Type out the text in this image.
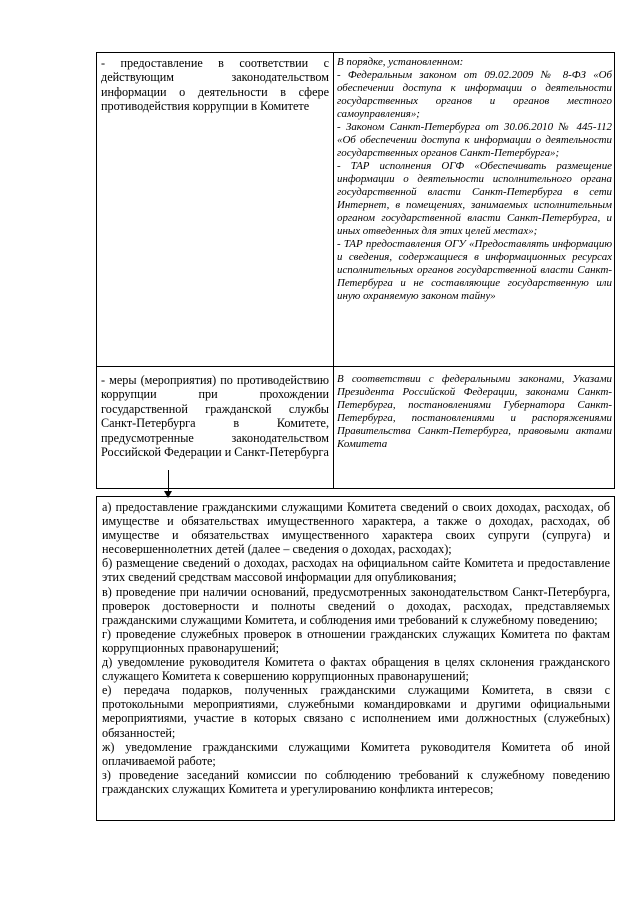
- предоставление в соответствии с действующим законодательством информации о деятельности в сфере противодействия коррупции в Комитете

В порядке, установленном:

- Федеральным законом от 09.02.2009 № 8-ФЗ «Об обеспечении доступа к информации о деятельности государственных органов и органов местного самоуправления»;

- Законом Санкт-Петербурга от 30.06.2010 № 445-112 «Об обеспечении доступа к информации о деятельности государственных органов Санкт-Петербурга»;

- ТАР исполнения ОГФ «Обеспечивать размещение информации о деятельности исполнительного органа государственной власти Санкт-Петербурга в сети Интернет, в помещениях, занимаемых исполнительным органом государственной власти Санкт-Петербурга, и иных отведенных для этих целей местах»;

- ТАР предоставления ОГУ «Предоставлять информацию и сведения, содержащиеся в информационных ресурсах исполнительных органов государственной власти Санкт-Петербурга и не составляющие государственную или иную охраняемую законом тайну»

- меры (мероприятия) по противодействию коррупции при прохождении государственной гражданской службы Санкт-Петербурга в Комитете, предусмотренные законодательством Российской Федерации и Санкт-Петербурга
В соответствии с федеральными законами, Указами Президента Российской Федерации, законами Санкт-Петербурга, постановлениями Губернатора Санкт-Петербурга, постановлениями и распоряжениями Правительства Санкт-Петербурга, правовыми актами Комитета

а) предоставление гражданскими служащими Комитета сведений о своих доходах, расходах, об имуществе и обязательствах имущественного характера, а также о доходах, расходах, об имуществе и обязательствах имущественного характера своих супруги (супруга) и несовершеннолетних детей (далее – сведения о доходах, расходах);

б) размещение сведений о доходах, расходах на официальном сайте Комитета и предоставление этих сведений средствам массовой информации для опубликования;

в) проведение при наличии оснований, предусмотренных законодательством Санкт-Петербурга, проверок достоверности и полноты сведений о доходах, расходах, представляемых гражданскими служащими Комитета, и соблюдения ими требований к служебному поведению;

г) проведение служебных проверок в отношении гражданских служащих Комитета по фактам коррупционных правонарушений;

д) уведомление руководителя Комитета о фактах обращения в целях склонения гражданского служащего Комитета к совершению коррупционных правонарушений;

е) передача подарков, полученных гражданскими служащими Комитета, в связи с протокольными мероприятиями, служебными командировками и другими официальными мероприятиями, участие в которых связано с исполнением ими должностных (служебных) обязанностей;

ж) уведомление гражданскими служащими Комитета руководителя Комитета об иной оплачиваемой работе;

з) проведение заседаний комиссии по соблюдению требований к служебному поведению гражданских служащих Комитета и урегулированию конфликта интересов;
